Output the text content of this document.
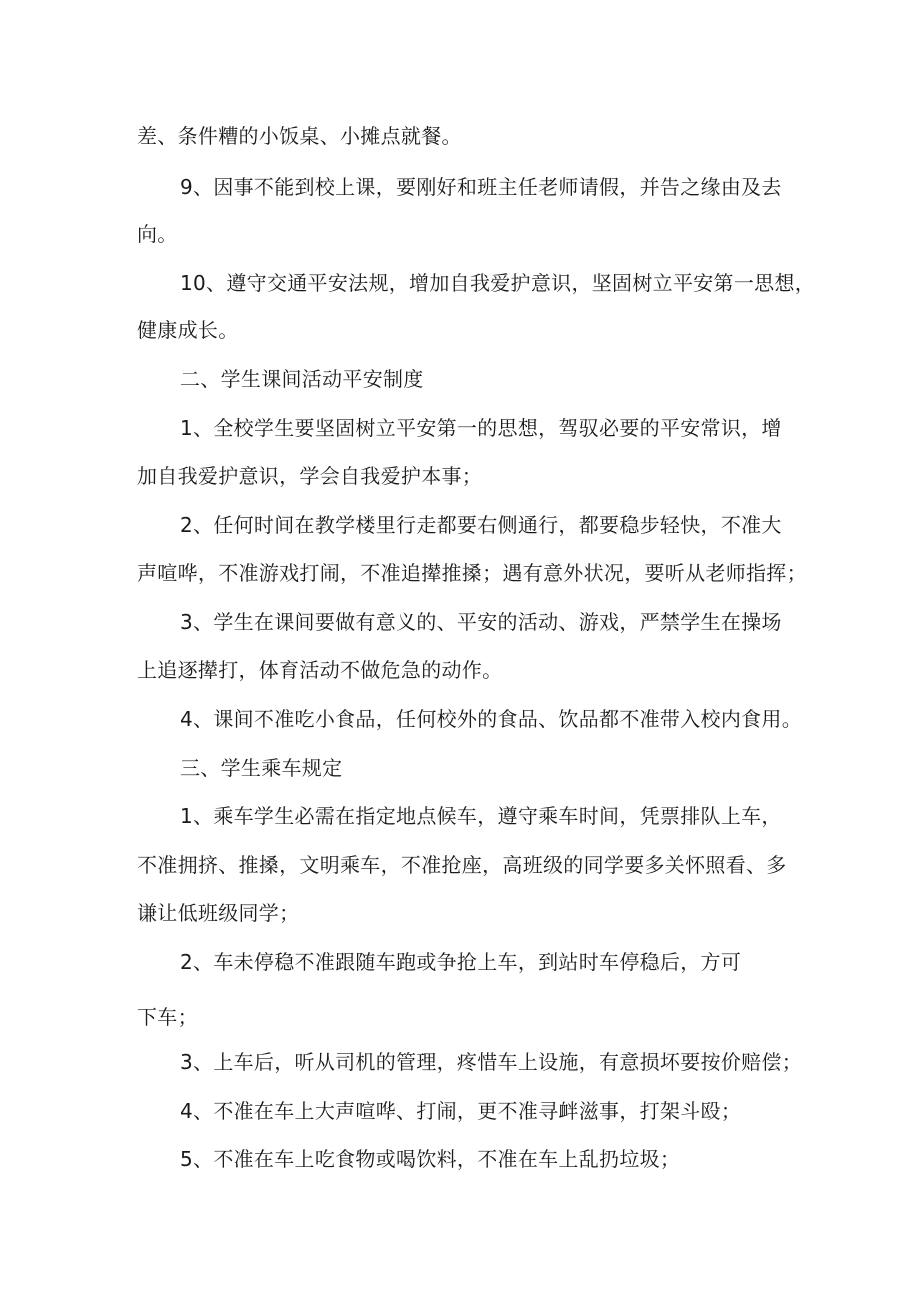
差、条件糟的小饭桌、小摊点就餐。
9、因事不能到校上课，要刚好和班主任老师请假，并告之缘由及去
向。
10、遵守交通平安法规，增加自我爱护意识，坚固树立平安第一思想，
健康成长。
二、学生课间活动平安制度
1、全校学生要坚固树立平安第一的思想，驾驭必要的平安常识，增
加自我爱护意识，学会自我爱护本事；
2、任何时间在教学楼里行走都要右侧通行，都要稳步轻快，不准大
声喧哗，不准游戏打闹，不准追撵推搡；遇有意外状况，要听从老师指挥；
3、学生在课间要做有意义的、平安的活动、游戏，严禁学生在操场
上追逐撵打，体育活动不做危急的动作。
4、课间不准吃小食品，任何校外的食品、饮品都不准带入校内食用。
三、学生乘车规定
1、乘车学生必需在指定地点候车，遵守乘车时间，凭票排队上车，
不准拥挤、推搡，文明乘车，不准抢座，高班级的同学要多关怀照看、多
谦让低班级同学；
2、车未停稳不准跟随车跑或争抢上车，到站时车停稳后，方可
下车；
3、上车后，听从司机的管理，疼惜车上设施，有意损坏要按价赔偿；
4、不准在车上大声喧哗、打闹，更不准寻衅滋事，打架斗殴；
5、不准在车上吃食物或喝饮料，不准在车上乱扔垃圾；
